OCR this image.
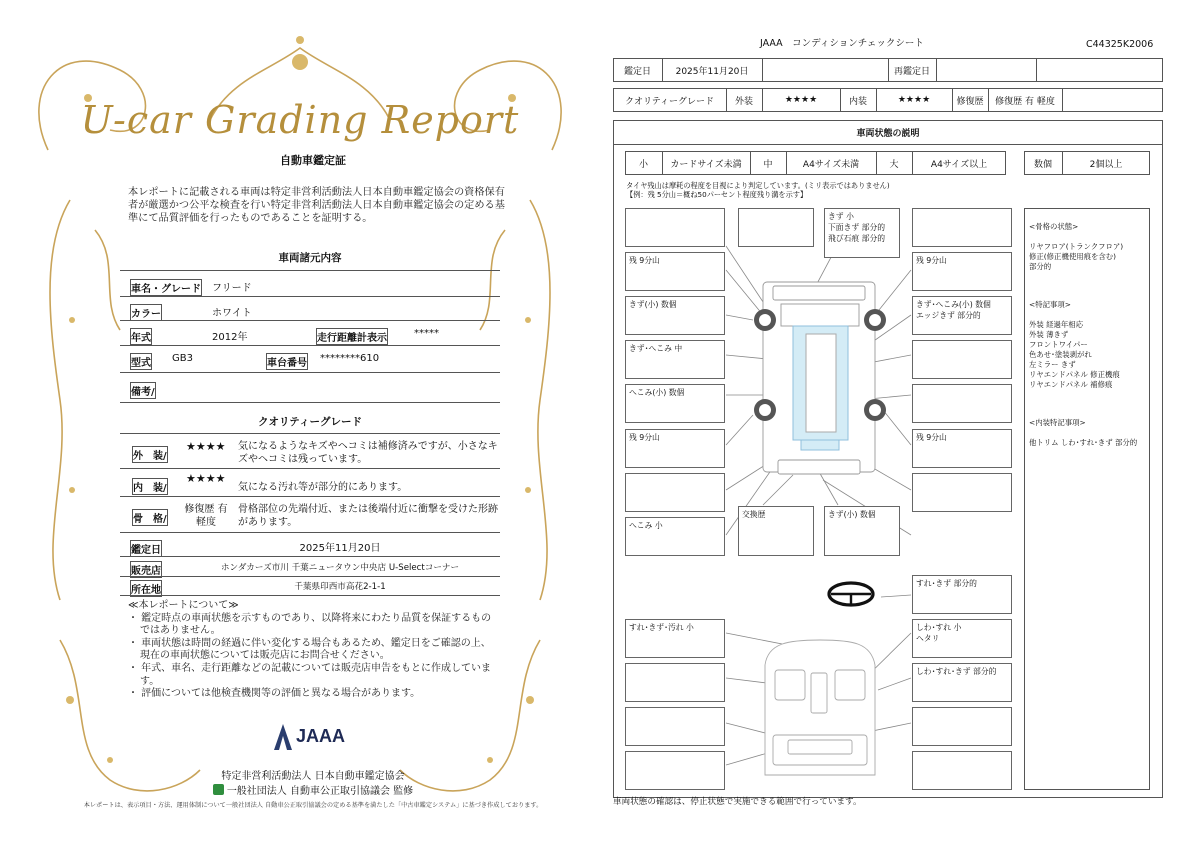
U-car Grading Report
自動車鑑定証
本レポートに記載される車両は特定非営利活動法人日本自動車鑑定協会の資格保有者が厳選かつ公平な検査を行い特定非営利活動法人日本自動車鑑定協会の定める基準にて品質評価を行ったものであることを証明する。
車両諸元内容
車名・グレード フリード
カラー	ホワイト
年式	2012年	走行距離計表示	*****
型式 GB3	車台番号 ********610
備考/
クオリティーグレード
外　装/
★★★★ 気になるようなキズやヘコミは補修済みですが、小さなキズやヘコミは残っています。
内　装/
★★★★
気になる汚れ等が部分的にあります。
骨　格/
修復歴 有 軽度
骨格部位の先端付近、または後端付近に衝撃を受けた形跡があります。
鑑定日	2025年11月20日
販売店	ホンダカーズ市川 千葉ニュータウン中央店 U-Selectコーナー
所在地	千葉県印西市高花2-1-1
≪本レポートについて≫
・ 鑑定時点の車両状態を示すものであり、以降将来にわたり品質を保証するものではありません。
・ 車両状態は時間の経過に伴い変化する場合もあるため、鑑定日をご確認の上、現在の車両状態については販売店にお問合せください。
・ 年式、車名、走行距離などの記載については販売店申告をもとに作成しています。
・ 評価については他検査機関等の評価と異なる場合があります。
JAAA
特定非営利活動法人 日本自動車鑑定協会
一般社団法人 自動車公正取引協議会 監修
本レポートは、表示項目・方法、運用体制について一般社団法人 自動車公正取引協議会の定める基準を満たした「中古車鑑定システム」に基づき作成しております。
JAAA　コンディションチェックシート	C44325K2006
鑑定日	2025年11月20日	再鑑定日
クオリティーグレード	外装	★★★★	内装	★★★★	修復歴	修復歴 有 軽度
車両状態の説明
小	カードサイズ未満	中	A4サイズ未満	大	A4サイズ以上	数個	2個以上
タイヤ残山は摩耗の程度を目視により判定しています。(ミリ表示ではありません)
【例：残 5分山＝概ね50パーセント程度残り溝を示す】
残 9分山
きず(小) 数個
きず･へこみ 中
へこみ(小) 数個
残 9分山
へこみ 小
きず 小
下面きず 部分的
飛び石痕 部分的
残 9分山
きず･へこみ(小) 数個
エッジきず 部分的
残 9分山
交換歴	きず(小) 数個
すれ･きず 部分的
すれ･きず･汚れ 小	しわ･すれ 小
ヘタリ
しわ･すれ･きず 部分的

<骨格の状態>

リヤフロア(トランクフロア)
修正(修正機使用痕を含む)
部分的

<特記事項>

外装 経過年相応
外装 薄きず
フロントワイパー
色あせ･塗装剥がれ
左ミラー きず
リヤエンドパネル 修正機痕
リヤエンドパネル 補修痕

<内装特記事項>

他トリム しわ･すれ･きず 部分的

車両状態の確認は、停止状態で実施できる範囲で行っています。
